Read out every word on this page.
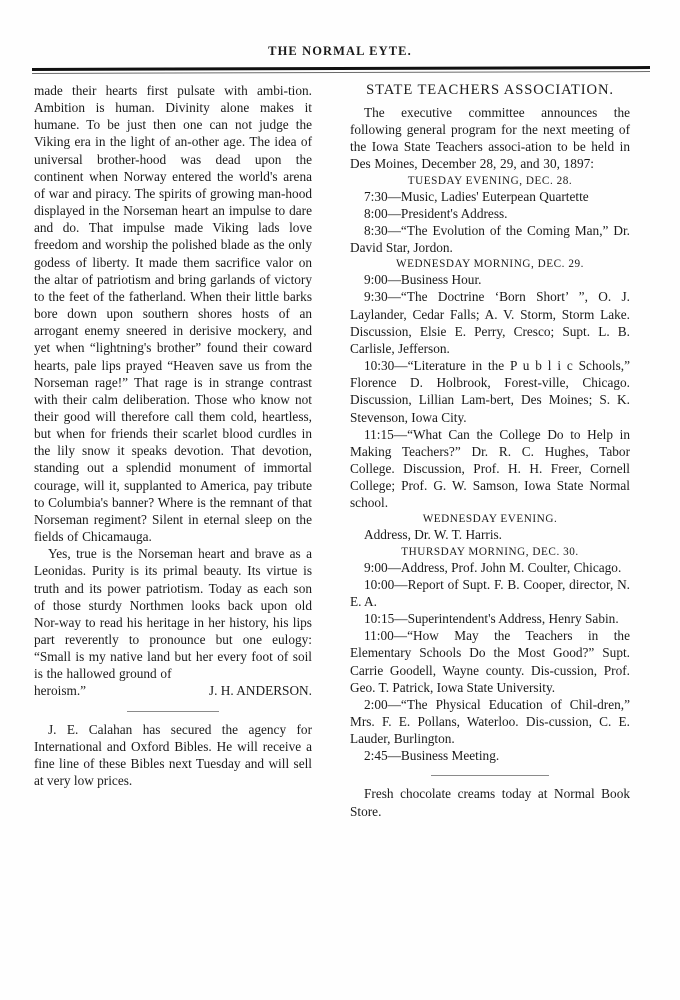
THE NORMAL EYTE.

made their hearts first pulsate with ambi-tion. Ambition is human. Divinity alone makes it humane. To be just then one can not judge the Viking era in the light of an-other age. The idea of universal brother-hood was dead upon the continent when Norway entered the world's arena of war and piracy. The spirits of growing man-hood displayed in the Norseman heart an impulse to dare and do. That impulse made Viking lads love freedom and worship the polished blade as the only godess of liberty. It made them sacrifice valor on the altar of patriotism and bring garlands of victory to the feet of the fatherland. When their little barks bore down upon southern shores hosts of an arrogant enemy sneered in derisive mockery, and yet when “lightning's brother” found their coward hearts, pale lips prayed “Heaven save us from the Norseman rage!” That rage is in strange contrast with their calm deliberation. Those who know not their good will therefore call them cold, heartless, but when for friends their scarlet blood curdles in the lily snow it speaks devotion. That devotion, standing out a splendid monument of immortal courage, will it, supplanted to America, pay tribute to Columbia's banner? Where is the remnant of that Norseman regiment? Silent in eternal sleep on the fields of Chicamauga.

Yes, true is the Norseman heart and brave as a Leonidas. Purity is its primal beauty. Its virtue is truth and its power patriotism. Today as each son of those sturdy Northmen looks back upon old Nor-way to read his heritage in her history, his lips part reverently to pronounce but one eulogy: “Small is my native land but her every foot of soil is the hallowed ground of

heroism.”	J. H. ANDERSON.

J. E. Calahan has secured the agency for International and Oxford Bibles. He will receive a fine line of these Bibles next Tuesday and will sell at very low prices.

STATE TEACHERS ASSOCIATION.

The executive committee announces the following general program for the next meeting of the Iowa State Teachers associ-ation to be held in Des Moines, December 28, 29, and 30, 1897:

TUESDAY EVENING, DEC. 28.

7:30—Music, Ladies' Euterpean Quartette

8:00—President's Address.

8:30—“The Evolution of the Coming Man,” Dr. David Star, Jordon.

WEDNESDAY MORNING, DEC. 29.

9:00—Business Hour.

9:30—“The Doctrine ‘Born Short’ ”, O. J. Laylander, Cedar Falls; A. V. Storm, Storm Lake. Discussion, Elsie E. Perry, Cresco; Supt. L. B. Carlisle, Jefferson.

10:30—“Literature in the P u b l i c Schools,” Florence D. Holbrook, Forest-ville, Chicago. Discussion, Lillian Lam-bert, Des Moines; S. K. Stevenson, Iowa City.

11:15—“What Can the College Do to Help in Making Teachers?” Dr. R. C. Hughes, Tabor College. Discussion, Prof. H. H. Freer, Cornell College; Prof. G. W. Samson, Iowa State Normal school.

WEDNESDAY EVENING.

Address, Dr. W. T. Harris.

THURSDAY MORNING, DEC. 30.

9:00—Address, Prof. John M. Coulter, Chicago.

10:00—Report of Supt. F. B. Cooper, director, N. E. A.

10:15—Superintendent's Address, Henry Sabin.

11:00—“How May the Teachers in the Elementary Schools Do the Most Good?” Supt. Carrie Goodell, Wayne county. Dis-cussion, Prof. Geo. T. Patrick, Iowa State University.

2:00—“The Physical Education of Chil-dren,” Mrs. F. E. Pollans, Waterloo. Dis-cussion, C. E. Lauder, Burlington.

2:45—Business Meeting.

Fresh chocolate creams today at Normal Book Store.
